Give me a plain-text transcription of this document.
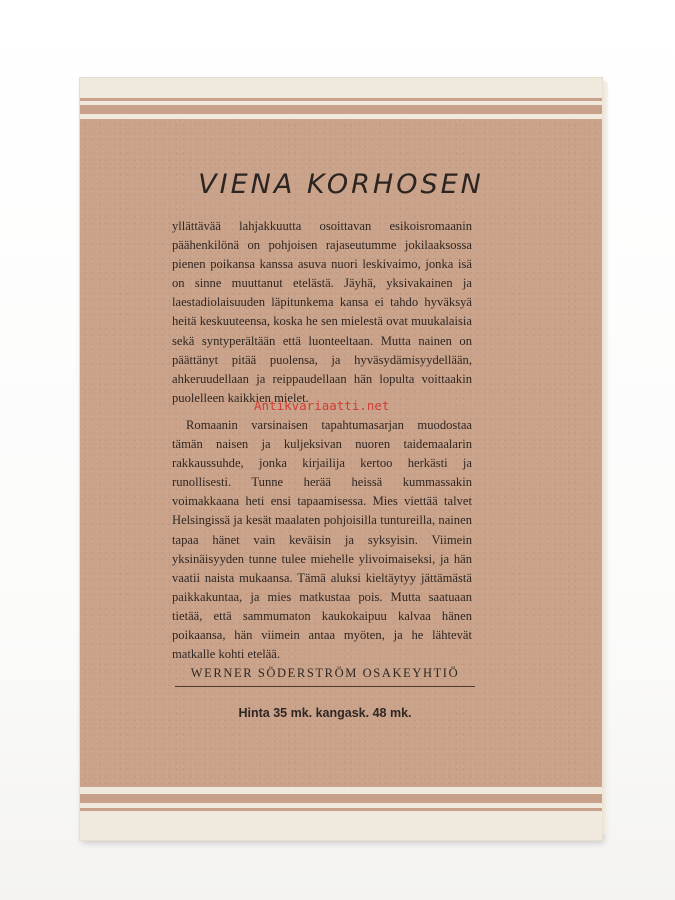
VIENA KORHOSEN

yllättävää lahjakkuutta osoittavan esikoisromaanin päähenkilönä on pohjoisen rajaseutumme jokilaaksossa pienen poikansa kanssa asuva nuori leskivaimo, jonka isä on sinne muuttanut etelästä. Jäyhä, yksivakainen ja laestadiolaisuuden läpitunkema kansa ei tahdo hyväksyä heitä keskuuteensa, koska he sen mielestä ovat muukalaisia sekä syntyperältään että luonteeltaan. Mutta nainen on päättänyt pitää puolensa, ja hyväsydämisyydellään, ahkeruudellaan ja reippaudellaan hän lopulta voittaakin puolelleen kaikkien mielet.

Romaanin varsinaisen tapahtumasarjan muodostaa tämän naisen ja kuljeksivan nuoren taidemaalarin rakkaussuhde, jonka kirjailija kertoo herkästi ja runollisesti. Tunne herää heissä kummassakin voimakkaana heti ensi tapaamisessa. Mies viettää talvet Helsingissä ja kesät maalaten pohjoisilla tuntureilla, nainen tapaa hänet vain keväisin ja syksyisin. Viimein yksinäisyyden tunne tulee miehelle ylivoimaiseksi, ja hän vaatii naista mukaansa. Tämä aluksi kieltäytyy jättämästä paikkakuntaa, ja mies matkustaa pois. Mutta saatuaan tietää, että sammumaton kaukokaipuu kalvaa hänen poikaansa, hän viimein antaa myöten, ja he lähtevät matkalle kohti etelää.

WERNER SÖDERSTRÖM OSAKEYHTIÖ
Hinta 35 mk. kangask. 48 mk.
Antikvariaatti.net
